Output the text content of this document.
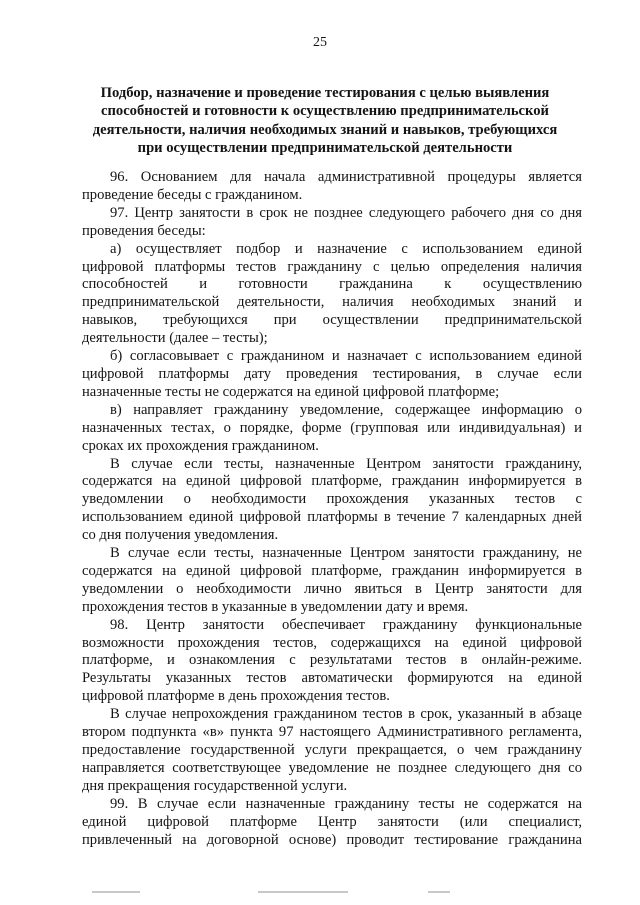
25
Подбор, назначение и проведение тестирования с целью выявления
способностей и готовности к осуществлению предпринимательской
деятельности, наличия необходимых знаний и навыков, требующихся
при осуществлении предпринимательской деятельности

96. Основанием для начала административной процедуры является
проведение беседы с гражданином.

97. Центр занятости в срок не позднее следующего рабочего дня со дня
проведения беседы:

а) осуществляет подбор и назначение с использованием единой
цифровой платформы тестов гражданину с целью определения наличия
способностей и готовности гражданина к осуществлению
предпринимательской деятельности, наличия необходимых знаний и
навыков, требующихся при осуществлении предпринимательской
деятельности (далее – тесты);

б) согласовывает с гражданином и назначает с использованием единой
цифровой платформы дату проведения тестирования, в случае если
назначенные тесты не содержатся на единой цифровой платформе;

в) направляет гражданину уведомление, содержащее информацию о
назначенных тестах, о порядке, форме (групповая или индивидуальная) и
сроках их прохождения гражданином.

В случае если тесты, назначенные Центром занятости гражданину,
содержатся на единой цифровой платформе, гражданин информируется в
уведомлении о необходимости прохождения указанных тестов с
использованием единой цифровой платформы в течение 7 календарных дней
со дня получения уведомления.

В случае если тесты, назначенные Центром занятости гражданину, не
содержатся на единой цифровой платформе, гражданин информируется в
уведомлении о необходимости лично явиться в Центр занятости для
прохождения тестов в указанные в уведомлении дату и время.

98. Центр занятости обеспечивает гражданину функциональные
возможности прохождения тестов, содержащихся на единой цифровой
платформе, и ознакомления с результатами тестов в онлайн-режиме.
Результаты указанных тестов автоматически формируются на единой
цифровой платформе в день прохождения тестов.

В случае непрохождения гражданином тестов в срок, указанный в абзаце
втором подпункта «в» пункта 97 настоящего Административного регламента,
предоставление государственной услуги прекращается, о чем гражданину
направляется соответствующее уведомление не позднее следующего дня со
дня прекращения государственной услуги.

99. В случае если назначенные гражданину тесты не содержатся на
единой цифровой платформе Центр занятости (или специалист,
привлеченный на договорной основе) проводит тестирование гражданина
